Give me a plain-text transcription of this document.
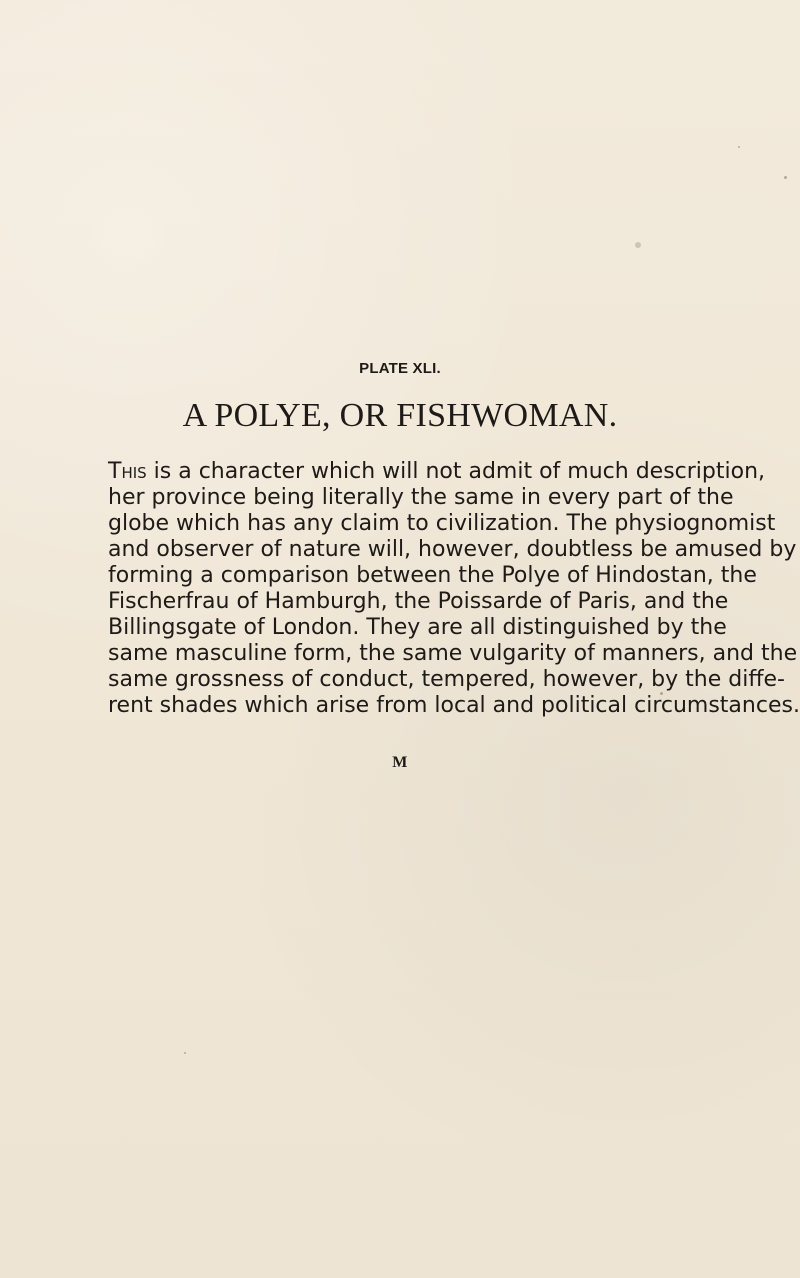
PLATE XLI.
A POLYE, OR FISHWOMAN.
This is a character which will not admit of much description,
her province being literally the same in every part of the
globe which has any claim to civilization. The physiognomist
and observer of nature will, however, doubtless be amused by
forming a comparison between the Polye of Hindostan, the
Fischerfrau of Hamburgh, the Poissarde of Paris, and the
Billingsgate of London. They are all distinguished by the
same masculine form, the same vulgarity of manners, and the
same grossness of conduct, tempered, however, by the diffe-
rent shades which arise from local and political circumstances.
M
